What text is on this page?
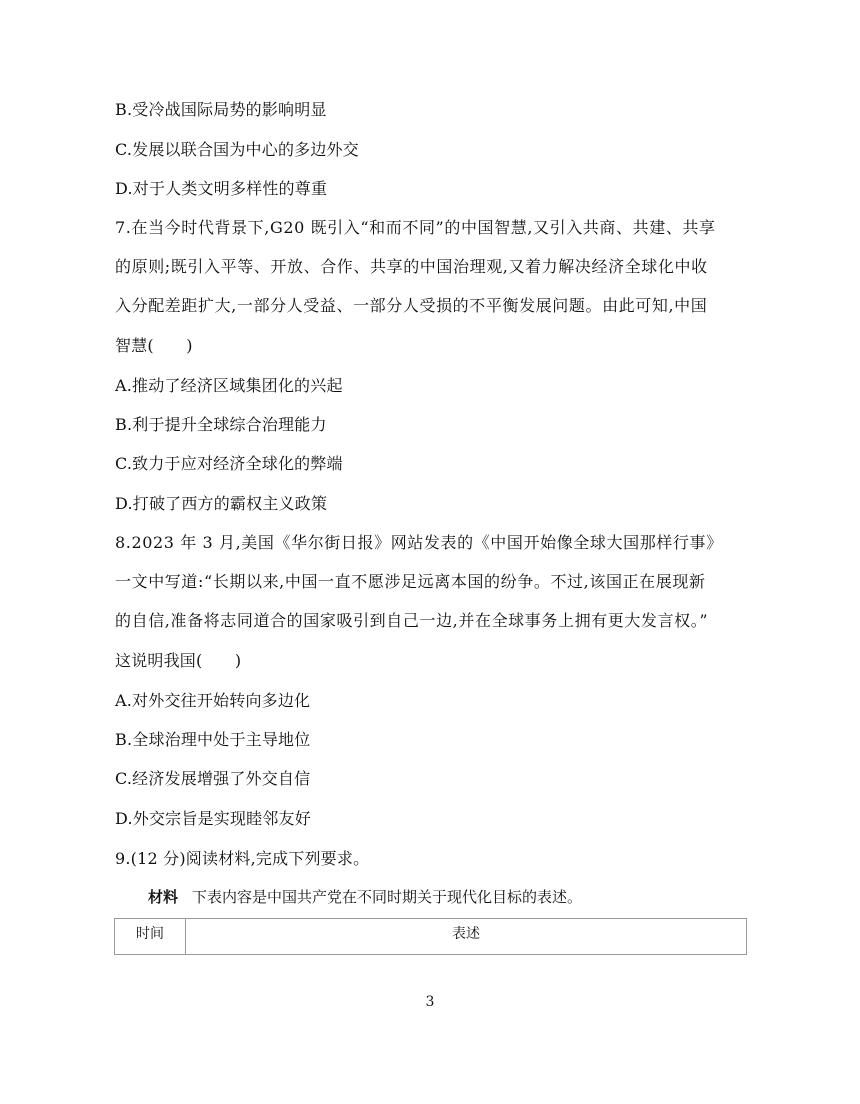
B.受冷战国际局势的影响明显
C.发展以联合国为中心的多边外交
D.对于人类文明多样性的尊重
7.在当今时代背景下,G20 既引入“和而不同”的中国智慧,又引入共商、共建、共享
的原则;既引入平等、开放、合作、共享的中国治理观,又着力解决经济全球化中收
入分配差距扩大,一部分人受益、一部分人受损的不平衡发展问题。由此可知,中国
智慧(　　)
A.推动了经济区域集团化的兴起
B.利于提升全球综合治理能力
C.致力于应对经济全球化的弊端
D.打破了西方的霸权主义政策
8.2023 年 3 月,美国《华尔街日报》网站发表的《中国开始像全球大国那样行事》
一文中写道:“长期以来,中国一直不愿涉足远离本国的纷争。不过,该国正在展现新
的自信,准备将志同道合的国家吸引到自己一边,并在全球事务上拥有更大发言权。”
这说明我国(　　)
A.对外交往开始转向多边化
B.全球治理中处于主导地位
C.经济发展增强了外交自信
D.外交宗旨是实现睦邻友好
9.(12 分)阅读材料,完成下列要求。
材料 下表内容是中国共产党在不同时期关于现代化目标的表述。
时间	表述
3
